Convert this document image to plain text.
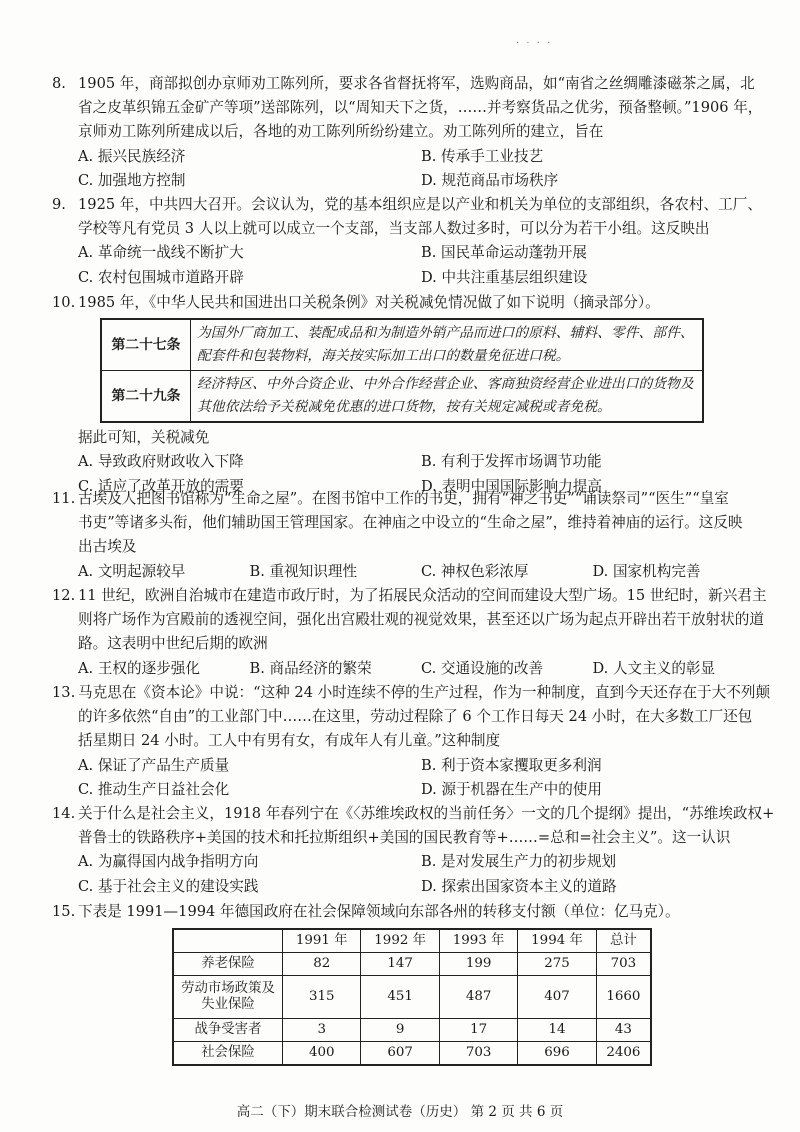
· · · ·
8. 1905 年，商部拟创办京师劝工陈列所，要求各省督抚将军，选购商品，如“南省之丝绸雕漆磁茶之属，北
省之皮革织锦五金矿产等项”送部陈列，以“周知天下之货，……并考察货品之优劣，预备整顿。”1906 年，
京师劝工陈列所建成以后，各地的劝工陈列所纷纷建立。劝工陈列所的建立，旨在
A. 振兴民族经济	B. 传承手工业技艺
C. 加强地方控制	D. 规范商品市场秩序
9. 1925 年，中共四大召开。会议认为，党的基本组织应是以产业和机关为单位的支部组织，各农村、工厂、
学校等凡有党员 3 人以上就可以成立一个支部，当支部人数过多时，可以分为若干小组。这反映出
A. 革命统一战线不断扩大	B. 国民革命运动蓬勃开展
C. 农村包围城市道路开辟	D. 中共注重基层组织建设
10. 1985 年，《中华人民共和国进出口关税条例》对关税减免情况做了如下说明（摘录部分）。
第二十七条	为国外厂商加工、装配成品和为制造外销产品而进口的原料、辅料、零件、部件、配套件和包装物料，海关按实际加工出口的数量免征进口税。
第二十九条	经济特区、中外合资企业、中外合作经营企业、客商独资经营企业进出口的货物及其他依法给予关税减免优惠的进口货物，按有关规定减税或者免税。
据此可知，关税减免
A. 导致政府财政收入下降	B. 有利于发挥市场调节功能
C. 适应了改革开放的需要	D. 表明中国国际影响力提高
11. 古埃及人把图书馆称为“生命之屋”。在图书馆中工作的书吏，拥有“神之书吏”“诵读祭司”“医生”“皇室
书吏”等诸多头衔，他们辅助国王管理国家。在神庙之中设立的“生命之屋”，维持着神庙的运行。这反映
出古埃及
A. 文明起源较早	B. 重视知识理性	C. 神权色彩浓厚	D. 国家机构完善
12. 11 世纪，欧洲自治城市在建造市政厅时，为了拓展民众活动的空间而建设大型广场。15 世纪时，新兴君主
则将广场作为宫殿前的透视空间，强化出宫殿壮观的视觉效果，甚至还以广场为起点开辟出若干放射状的道
路。这表明中世纪后期的欧洲
A. 王权的逐步强化	B. 商品经济的繁荣	C. 交通设施的改善	D. 人文主义的彰显
13. 马克思在《资本论》中说：“这种 24 小时连续不停的生产过程，作为一种制度，直到今天还存在于大不列颠
的许多依然“自由”的工业部门中……在这里，劳动过程除了 6 个工作日每天 24 小时，在大多数工厂还包
括星期日 24 小时。工人中有男有女，有成年人有儿童。”这种制度
A. 保证了产品生产质量	B. 利于资本家攫取更多利润
C. 推动生产日益社会化	D. 源于机器在生产中的使用
14. 关于什么是社会主义，1918 年春列宁在《〈苏维埃政权的当前任务〉一文的几个提纲》提出，“苏维埃政权+
普鲁士的铁路秩序+美国的技术和托拉斯组织+美国的国民教育等+……=总和=社会主义”。这一认识
A. 为赢得国内战争指明方向	B. 是对发展生产力的初步规划
C. 基于社会主义的建设实践	D. 探索出国家资本主义的道路
15. 下表是 1991—1994 年德国政府在社会保障领域向东部各州的转移支付额（单位：亿马克）。
	1991 年	1992 年	1993 年	1994 年	总计
养老保险	82	147	199	275	703
劳动市场政策及失业保险	315	451	487	407	1660
战争受害者	3	9	17	14	43
社会保险	400	607	703	696	2406
高二（下）期末联合检测试卷（历史） 第 2 页 共 6 页
